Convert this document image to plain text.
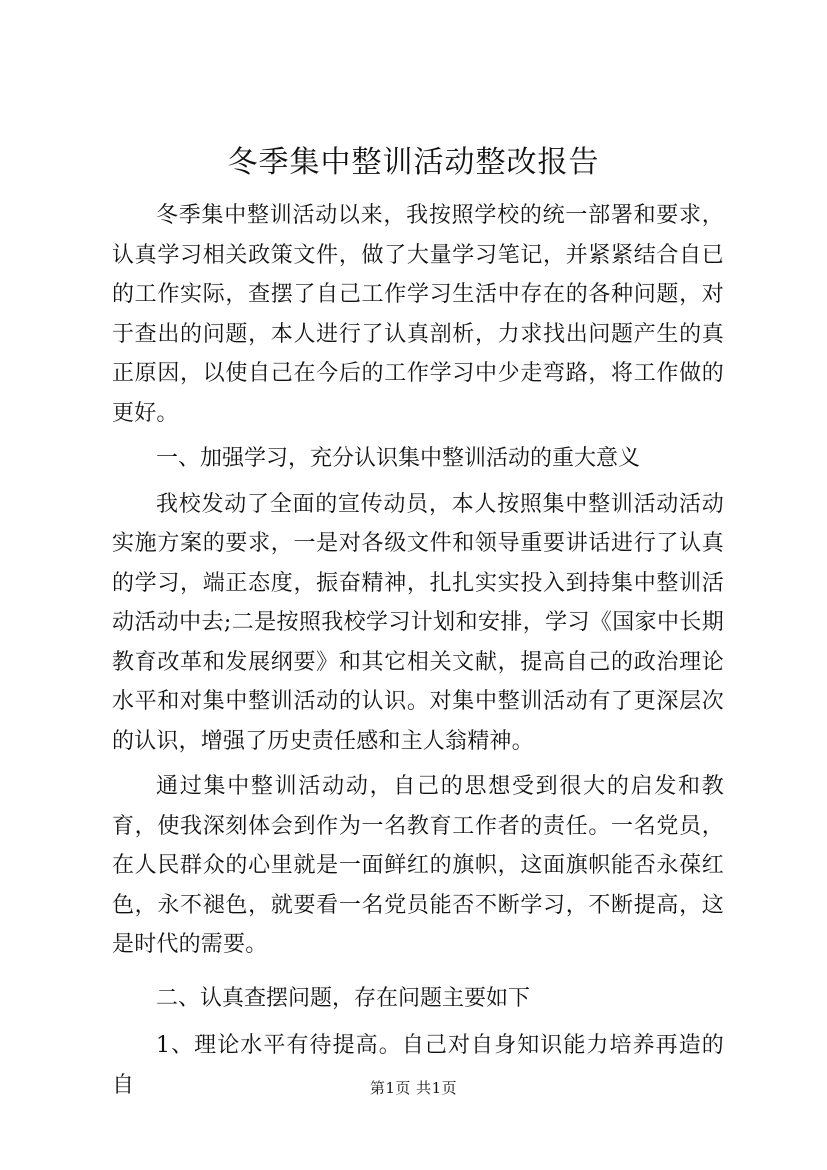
冬季集中整训活动整改报告

冬季集中整训活动以来，我按照学校的统一部署和要求，认真学习相关政策文件，做了大量学习笔记，并紧紧结合自已的工作实际，查摆了自己工作学习生活中存在的各种问题，对于查出的问题，本人进行了认真剖析，力求找出问题产生的真正原因，以使自己在今后的工作学习中少走弯路，将工作做的更好。

一、加强学习，充分认识集中整训活动的重大意义

我校发动了全面的宣传动员，本人按照集中整训活动活动实施方案的要求，一是对各级文件和领导重要讲话进行了认真的学习，端正态度，振奋精神，扎扎实实投入到持集中整训活动活动中去;二是按照我校学习计划和安排，学习《国家中长期教育改革和发展纲要》和其它相关文献，提高自己的政治理论水平和对集中整训活动的认识。对集中整训活动有了更深层次的认识，增强了历史责任感和主人翁精神。

通过集中整训活动动，自己的思想受到很大的启发和教育，使我深刻体会到作为一名教育工作者的责任。一名党员，在人民群众的心里就是一面鲜红的旗帜，这面旗帜能否永葆红色，永不褪色，就要看一名党员能否不断学习，不断提高，这是时代的需要。

二、认真查摆问题，存在问题主要如下

1、理论水平有待提高。自己对自身知识能力培养再造的自	第1页 共1页
